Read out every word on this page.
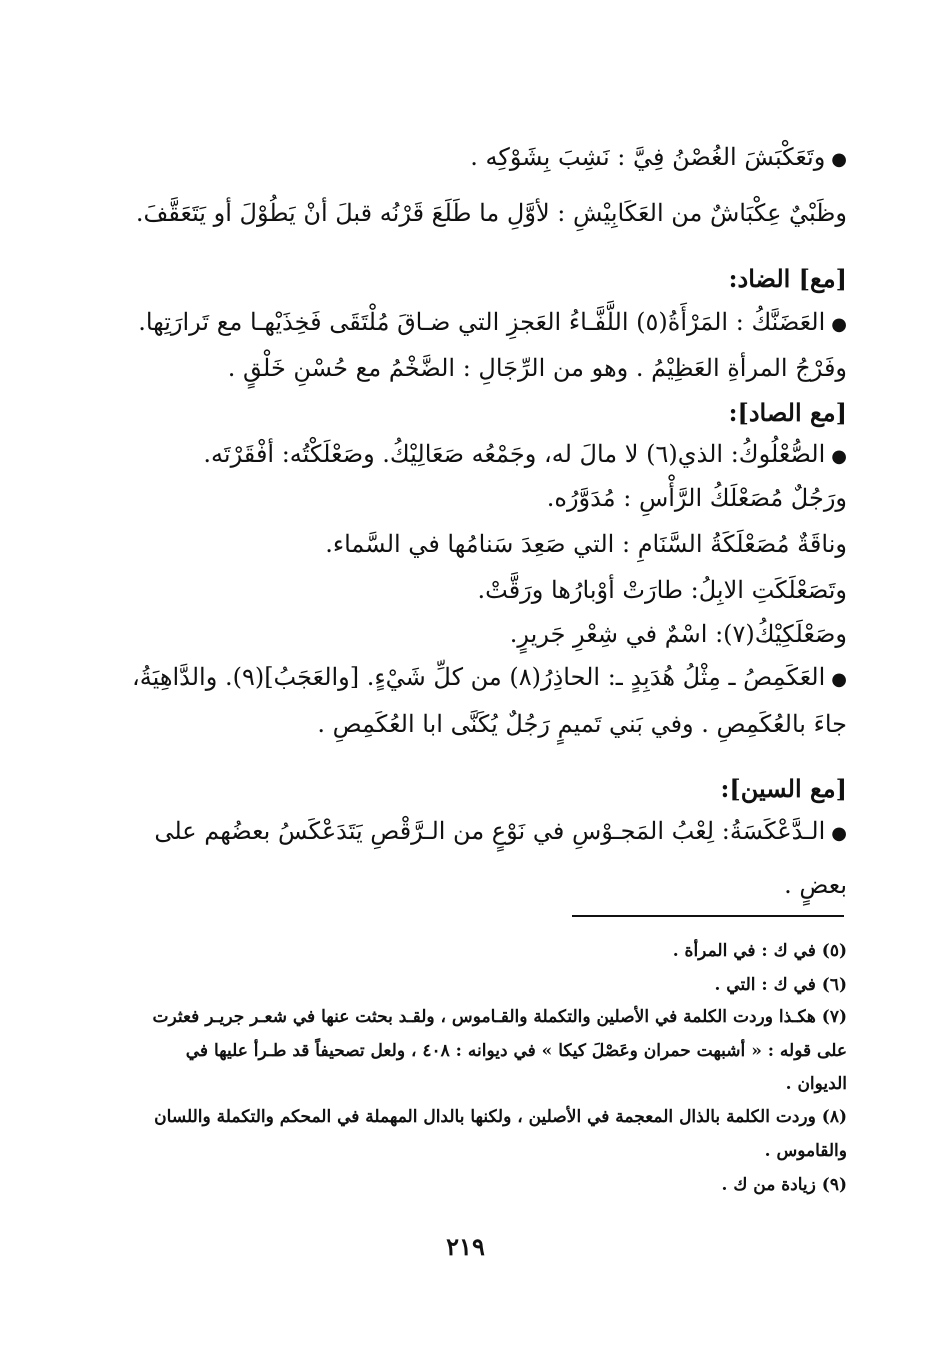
●وتَعَكْبَشَ الغُصْنُ فِيَّ : نَشِبَ بِشَوْكِه .
وظَبْيٌ عِكْبَاشٌ من العَكَابِيْشِ : لأوَّلِ ما طَلَعَ قَرْنُه قبلَ أنْ يَطُوْلَ أو يَتَعَقَّفَ.
[مع] الضاد:
●العَضَنَّكُ : المَرْأَةُ(٥) اللَّفَّـاءُ العَجزِ التي ضـاقَ مُلْتَقَى فَخِذَيْهـا مع تَرارَتِها.
وفَرْجُ المرأةِ العَظِيْمُ . وهو من الرِّجَالِ : الضَّخْمُ مع حُسْنِ خَلْقٍ .
[مع الصاد]:
●الصُّعْلُوكُ: الذي(٦) لا مالَ له، وجَمْعُه صَعَالِيْكُ. وصَعْلَكْتُه: أفْقَرْتَه.
ورَجُلٌ مُصَعْلَكُ الرَّأْسِ : مُدَوَّرُه.
وناقَةٌ مُصَعْلَكَةُ السَّنَامِ : التي صَعِدَ سَنامُها في السَّماء.
وتَصَعْلَكَتِ الابِلُ: طارَتْ أوْبارُها ورَقَّتْ.
وصَعْلَكِيْكُ(٧): اسْمٌ في شِعْرِ جَريرٍ.
●العَكَمِصُ ـ مِثْلُ هُدَبِدٍ ـ: الحاذِرُ(٨) من كلِّ شَيْءٍ. [والعَجَبُ](٩). والدَّاهِيَةُ،
جاءَ بالعُكَمِصِ . وفي بَني تَميمٍ رَجُلٌ يُكَنَّى ابا العُكَمِصِ .
[مع السين]:
●الـدَّعْكَسَةُ: لِعْبُ المَجـوْسِ في نَوْعٍ من الـرَّقْصِ يَتَدَعْكَسُ بعضُهم على
بعضٍ .
(٥) في ك : في المرأة .
(٦) في ك : التي .
(٧) هكـذا وردت الكلمة في الأصلين والتكملة والقـاموس ، ولقـد بحثت عنها في شعـر جريـر فعثرت
على قوله : « أشبهت حمران وعَصْلَ كيكا » في ديوانه : ٤٠٨ ، ولعل تصحيفاً قد طـرأ عليها في
الديوان .
(٨) وردت الكلمة بالذال المعجمة في الأصلين ، ولكنها بالدال المهملة في المحكم والتكملة واللسان
والقاموس .
(٩) زيادة من ك .
٢١٩
